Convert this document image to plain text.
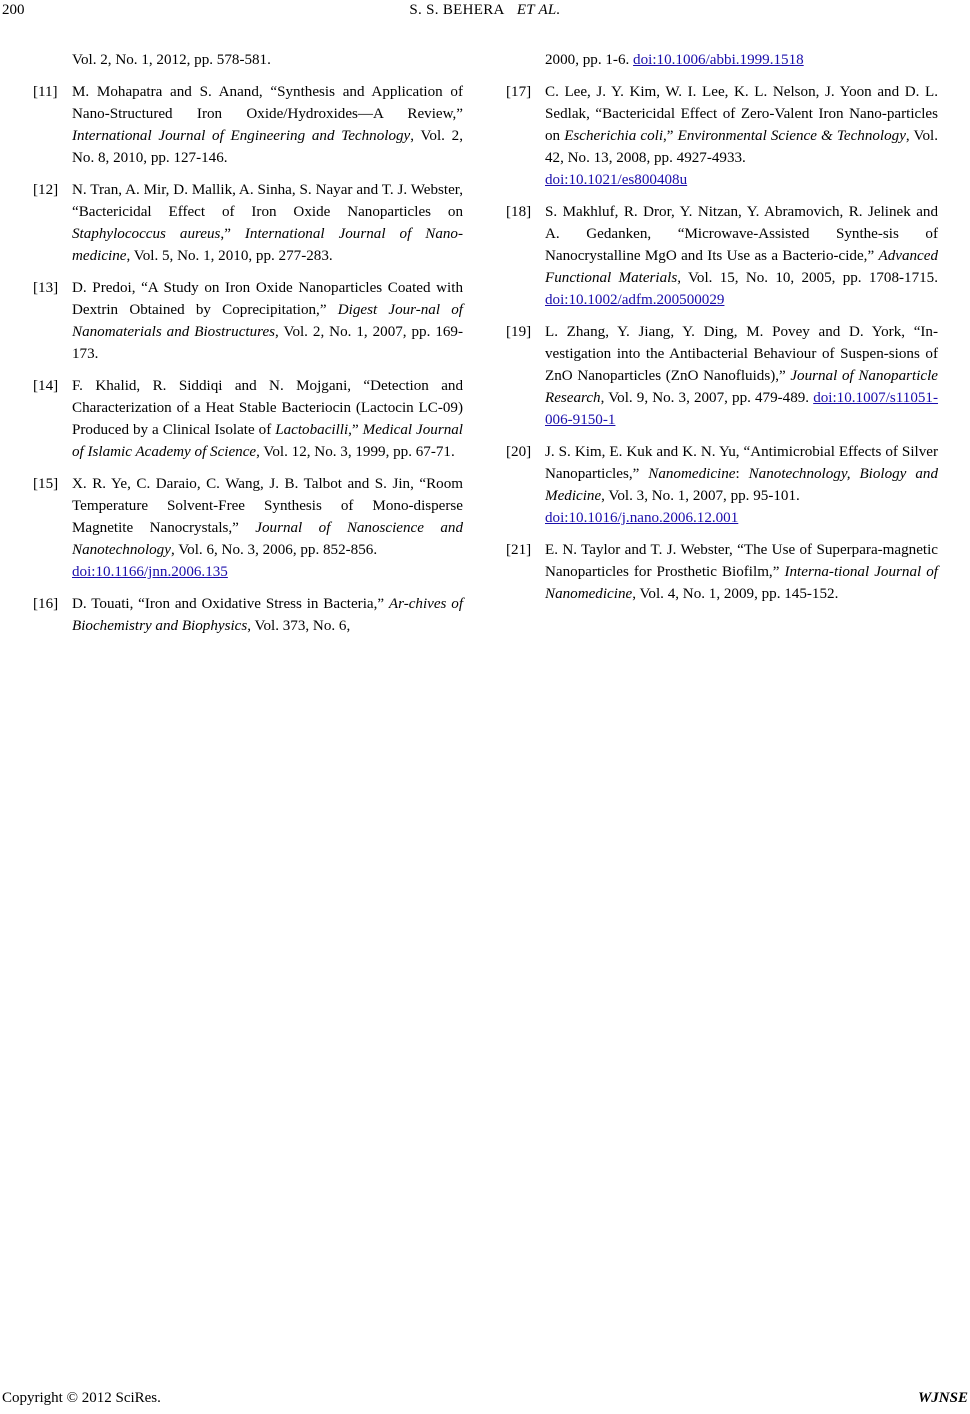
200	S. S. BEHERA ET AL.
Vol. 2, No. 1, 2012, pp. 578-581.
[11] M. Mohapatra and S. Anand, “Synthesis and Application of Nano-Structured Iron Oxide/Hydroxides—A Review,” International Journal of Engineering and Technology, Vol. 2, No. 8, 2010, pp. 127-146.
[12] N. Tran, A. Mir, D. Mallik, A. Sinha, S. Nayar and T. J. Webster, “Bactericidal Effect of Iron Oxide Nanoparticles on Staphylococcus aureus,” International Journal of Nano-medicine, Vol. 5, No. 1, 2010, pp. 277-283.
[13] D. Predoi, “A Study on Iron Oxide Nanoparticles Coated with Dextrin Obtained by Coprecipitation,” Digest Jour-nal of Nanomaterials and Biostructures, Vol. 2, No. 1, 2007, pp. 169-173.
[14] F. Khalid, R. Siddiqi and N. Mojgani, “Detection and Characterization of a Heat Stable Bacteriocin (Lactocin LC-09) Produced by a Clinical Isolate of Lactobacilli,” Medical Journal of Islamic Academy of Science, Vol. 12, No. 3, 1999, pp. 67-71.
[15] X. R. Ye, C. Daraio, C. Wang, J. B. Talbot and S. Jin, “Room Temperature Solvent-Free Synthesis of Mono-disperse Magnetite Nanocrystals,” Journal of Nanoscience and Nanotechnology, Vol. 6, No. 3, 2006, pp. 852-856.
doi:10.1166/jnn.2006.135
[16] D. Touati, “Iron and Oxidative Stress in Bacteria,” Ar-chives of Biochemistry and Biophysics, Vol. 373, No. 6,
2000, pp. 1-6. doi:10.1006/abbi.1999.1518
[17] C. Lee, J. Y. Kim, W. I. Lee, K. L. Nelson, J. Yoon and D. L. Sedlak, “Bactericidal Effect of Zero-Valent Iron Nano-particles on Escherichia coli,” Environmental Science & Technology, Vol. 42, No. 13, 2008, pp. 4927-4933.
doi:10.1021/es800408u
[18] S. Makhluf, R. Dror, Y. Nitzan, Y. Abramovich, R. Jelinek and A. Gedanken, “Microwave-Assisted Synthe-sis of Nanocrystalline MgO and Its Use as a Bacterio-cide,” Advanced Functional Materials, Vol. 15, No. 10, 2005, pp. 1708-1715. doi:10.1002/adfm.200500029
[19] L. Zhang, Y. Jiang, Y. Ding, M. Povey and D. York, “In-vestigation into the Antibacterial Behaviour of Suspen-sions of ZnO Nanoparticles (ZnO Nanofluids),” Journal of Nanoparticle Research, Vol. 9, No. 3, 2007, pp. 479-489. doi:10.1007/s11051-006-9150-1
[20] J. S. Kim, E. Kuk and K. N. Yu, “Antimicrobial Effects of Silver Nanoparticles,” Nanomedicine: Nanotechnology, Biology and Medicine, Vol. 3, No. 1, 2007, pp. 95-101.
doi:10.1016/j.nano.2006.12.001
[21] E. N. Taylor and T. J. Webster, “The Use of Superpara-magnetic Nanoparticles for Prosthetic Biofilm,” Interna-tional Journal of Nanomedicine, Vol. 4, No. 1, 2009, pp. 145-152.
Copyright © 2012 SciRes.	WJNSE
